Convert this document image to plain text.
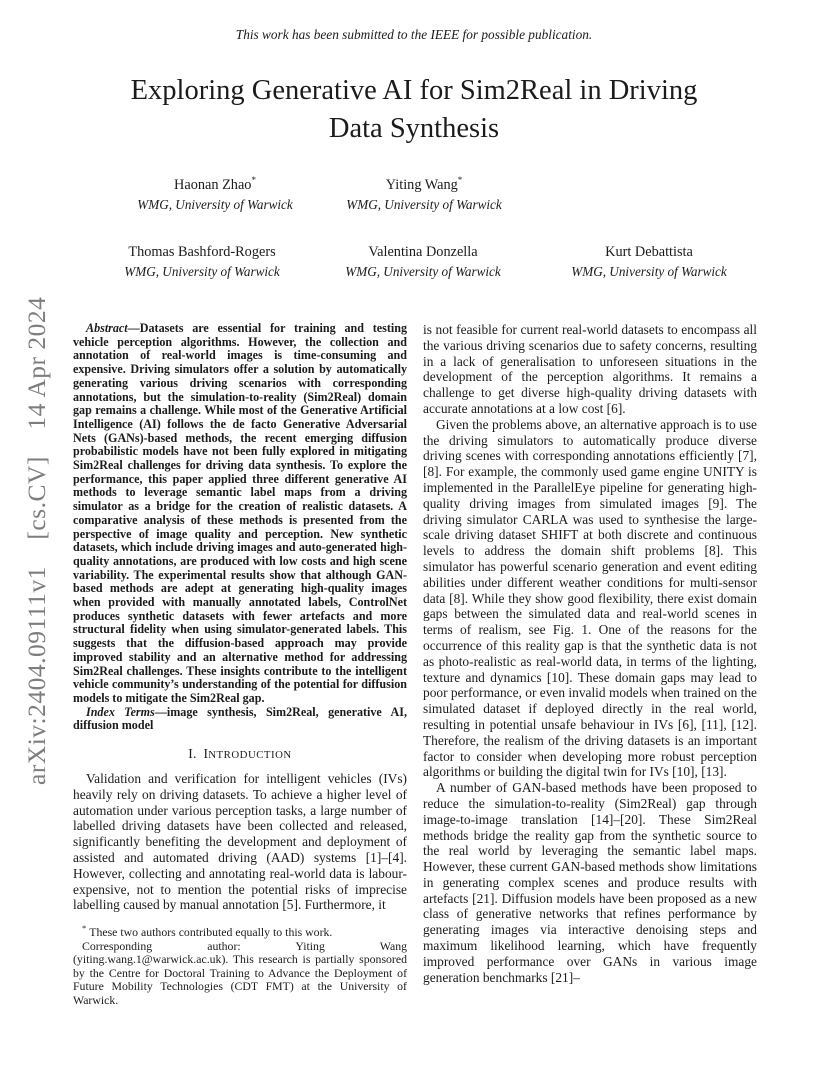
This work has been submitted to the IEEE for possible publication.
Exploring Generative AI for Sim2Real in Driving
Data Synthesis

Haonan Zhao*

WMG, University of Warwick

Yiting Wang*

WMG, University of Warwick

Thomas Bashford-Rogers

WMG, University of Warwick

Valentina Donzella

WMG, University of Warwick

Kurt Debattista

WMG, University of Warwick

Abstract—Datasets are essential for training and testing vehicle perception algorithms. However, the collection and annotation of real-world images is time-consuming and expensive. Driving simulators offer a solution by automatically generating various driving scenarios with corresponding annotations, but the simulation-to-reality (Sim2Real) domain gap remains a challenge. While most of the Generative Artificial Intelligence (AI) follows the de facto Generative Adversarial Nets (GANs)-based methods, the recent emerging diffusion probabilistic models have not been fully explored in mitigating Sim2Real challenges for driving data synthesis. To explore the performance, this paper applied three different generative AI methods to leverage semantic label maps from a driving simulator as a bridge for the creation of realistic datasets. A comparative analysis of these methods is presented from the perspective of image quality and perception. New synthetic datasets, which include driving images and auto-generated high-quality annotations, are produced with low costs and high scene variability. The experimental results show that although GAN-based methods are adept at generating high-quality images when provided with manually annotated labels, ControlNet produces synthetic datasets with fewer artefacts and more structural fidelity when using simulator-generated labels. This suggests that the diffusion-based approach may provide improved stability and an alternative method for addressing Sim2Real challenges. These insights contribute to the intelligent vehicle community’s understanding of the potential for diffusion models to mitigate the Sim2Real gap.

Index Terms—image synthesis, Sim2Real, generative AI, diffusion model

I. INTRODUCTION

Validation and verification for intelligent vehicles (IVs) heavily rely on driving datasets. To achieve a higher level of automation under various perception tasks, a large number of labelled driving datasets have been collected and released, significantly benefiting the development and deployment of assisted and automated driving (AAD) systems [1]–[4]. However, collecting and annotating real-world data is labour-expensive, not to mention the potential risks of imprecise labelling caused by manual annotation [5]. Furthermore, it

* These two authors contributed equally to this work.

Corresponding author: Yiting Wang (yiting.wang.1@warwick.ac.uk). This research is partially sponsored by the Centre for Doctoral Training to Advance the Deployment of Future Mobility Technologies (CDT FMT) at the University of Warwick.

is not feasible for current real-world datasets to encompass all the various driving scenarios due to safety concerns, resulting in a lack of generalisation to unforeseen situations in the development of the perception algorithms. It remains a challenge to get diverse high-quality driving datasets with accurate annotations at a low cost [6].

Given the problems above, an alternative approach is to use the driving simulators to automatically produce diverse driving scenes with corresponding annotations efficiently [7], [8]. For example, the commonly used game engine UNITY is implemented in the ParallelEye pipeline for generating high-quality driving images from simulated images [9]. The driving simulator CARLA was used to synthesise the large-scale driving dataset SHIFT at both discrete and continuous levels to address the domain shift problems [8]. This simulator has powerful scenario generation and event editing abilities under different weather conditions for multi-sensor data [8]. While they show good flexibility, there exist domain gaps between the simulated data and real-world scenes in terms of realism, see Fig. 1. One of the reasons for the occurrence of this reality gap is that the synthetic data is not as photo-realistic as real-world data, in terms of the lighting, texture and dynamics [10]. These domain gaps may lead to poor performance, or even invalid models when trained on the simulated dataset if deployed directly in the real world, resulting in potential unsafe behaviour in IVs [6], [11], [12]. Therefore, the realism of the driving datasets is an important factor to consider when developing more robust perception algorithms or building the digital twin for IVs [10], [13].

A number of GAN-based methods have been proposed to reduce the simulation-to-reality (Sim2Real) gap through image-to-image translation [14]–[20]. These Sim2Real methods bridge the reality gap from the synthetic source to the real world by leveraging the semantic label maps. However, these current GAN-based methods show limitations in generating complex scenes and produce results with artefacts [21]. Diffusion models have been proposed as a new class of generative networks that refines performance by generating images via interactive denoising steps and maximum likelihood learning, which have frequently improved performance over GANs in various image generation benchmarks [21]–

arXiv:2404.09111v1  [cs.CV]  14 Apr 2024
